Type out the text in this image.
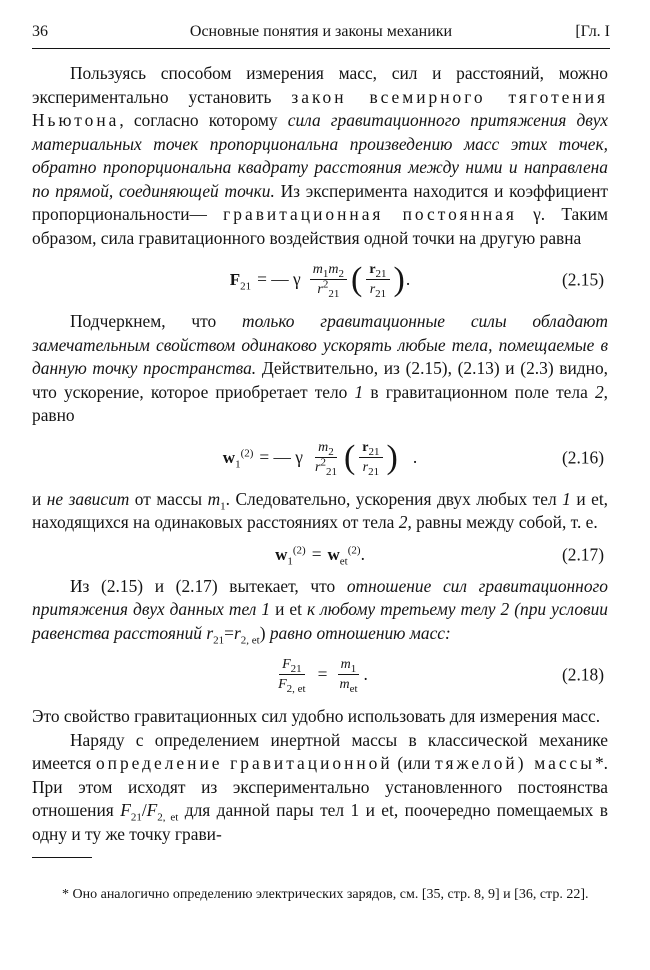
36	Основные понятия и законы механики	[Гл. I

Пользуясь способом измерения масс, сил и расстояний, можно экспериментально установить закон всемирного тяготения Ньютона, согласно которому сила гравитационного притяжения двух материальных точек пропорциональна произведению масс этих точек, обратно пропорциональна квадрату расстояния между ними и направлена по прямой, соединяющей точки. Из эксперимента находится и коэффициент пропорциональности— гравитационная постоянная γ. Таким образом, сила гравитационного воздействия одной точки на другую равна

$F_{21}$ = — γ $\frac{m_1m_2}{r^2_{21}}$ ( $\frac{r_{21}}{r_{21}}$ ) .	(2.15)

Подчеркнем, что только гравитационные силы обладают замечательным свойством одинаково ускорять любые тела, помещаемые в данную точку пространства. Действительно, из (2.15), (2.13) и (2.3) видно, что ускорение, которое приобретает тело 1 в гравитационном поле тела 2, равно

$w_1^{(2)}$ = — γ $\frac{m_2}{r^2_{21}}$ ( $\frac{r_{21}}{r_{21}}$ ) .	(2.16)

и не зависит от массы $m_1$. Следовательно, ускорения двух любых тел 1 и et, находящихся на одинаковых расстояниях от тела 2, равны между собой, т. е.

$w_1^{(2)} = w_{et}^{(2)}$ .	(2.17)

Из (2.15) и (2.17) вытекает, что отношение сил гравитационного притяжения двух данных тел 1 и et к любому третьему телу 2 (при условии равенства расстояний $r_{21}=r_{2, et}$) равно отношению масс:

$\frac{F_{21}}{F_{2, et}} = \frac{m_1}{m_{et}}$ .	(2.18)

Это свойство гравитационных сил удобно использовать для измерения масс.

Наряду с определением инертной массы в классической механике имеется определение гравитационной (или тяжелой) массы*. При этом исходят из экспериментально установленного постоянства отношения $F_{21}/F_{2, et}$ для данной пары тел 1 и et, поочередно помещаемых в одну и ту же точку грави-

* Оно аналогично определению электрических зарядов, см. [35, стр. 8, 9] и [36, стр. 22].
